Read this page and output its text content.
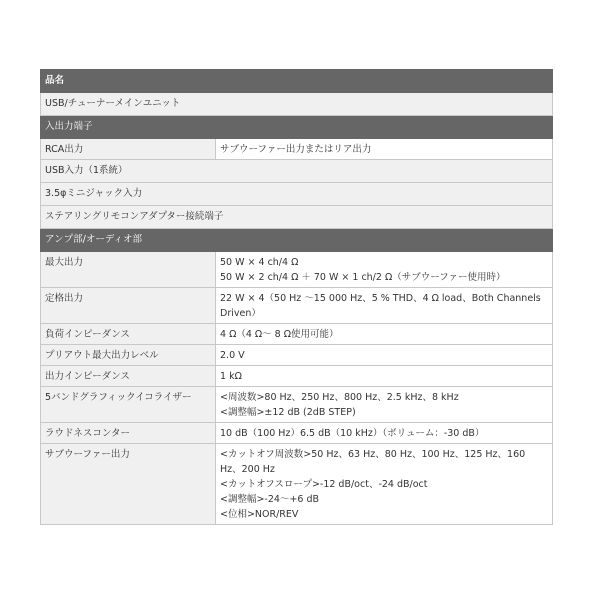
品名	
USB/チューナーメインユニット	
入出力端子	
RCA出力	サブウーファー出力またはリア出力

USB入力（1系統）	
3.5φミニジャック入力	
ステアリングリモコンアダプター接続端子	
アンプ部/オーディオ部	
最大出力	50 W × 4 ch/4 Ω
50 W × 2 ch/4 Ω ＋ 70 W × 1 ch/2 Ω（サブウーファー使用時）

定格出力	22 W × 4（50 Hz ～15 000 Hz、5 % THD、4 Ω load、Both Channels Driven）

負荷インピーダンス	4 Ω（4 Ω～ 8 Ω使用可能）

プリアウト最大出力レベル	2.0 V

出力インピーダンス	1 kΩ

5バンドグラフィックイコライザー	<周波数>80 Hz、250 Hz、800 Hz、2.5 kHz、8 kHz
<調整幅>±12 dB (2dB STEP)

ラウドネスコンター	10 dB（100 Hz）6.5 dB（10 kHz）（ボリューム：-30 dB）

サブウーファー出力	<カットオフ周波数>50 Hz、63 Hz、80 Hz、100 Hz、125 Hz、160 Hz、200 Hz
<カットオフスロープ>-12 dB/oct、-24 dB/oct
<調整幅>-24～+6 dB
<位相>NOR/REV
